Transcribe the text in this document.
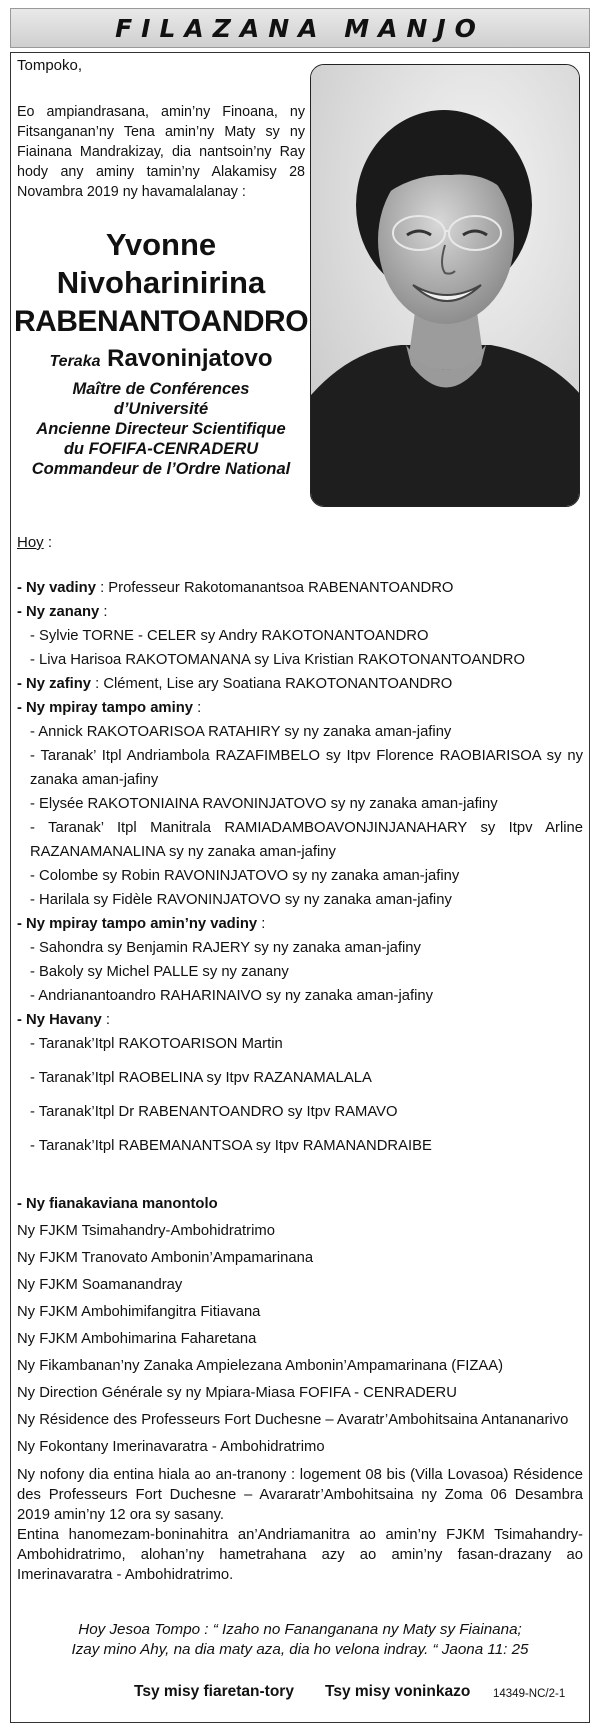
FILAZANA MANJO
Tompoko,
Eo ampiandrasana, amin’ny Finoana, ny Fitsanganan’ny Tena amin’ny Maty sy ny Fiainana Mandrakizay, dia nantsoin’ny Ray hody any aminy tamin’ny Alakamisy 28 Novambra 2019 ny havamalalanay :
Yvonne
Nivoharinirina
RABENANTOANDRO
Teraka Ravoninjatovo
Maître de Conférences
d’Université
Ancienne Directeur Scientifique
du FOFIFA-CENRADERU
Commandeur de l’Ordre National
Hoy :
- Ny vadiny : Professeur Rakotomanantsoa RABENANTOANDRO
- Ny zanany :
- Sylvie TORNE - CELER sy Andry RAKOTONANTOANDRO
- Liva Harisoa RAKOTOMANANA sy Liva Kristian RAKOTONANTOANDRO
- Ny zafiny : Clément, Lise ary Soatiana RAKOTONANTOANDRO
- Ny mpiray tampo aminy :
- Annick RAKOTOARISOA RATAHIRY sy ny zanaka aman-jafiny
- Taranak’ Itpl Andriambola RAZAFIMBELO sy Itpv Florence RAOBIARISOA sy ny zanaka aman-jafiny
- Elysée RAKOTONIAINA RAVONINJATOVO sy ny zanaka aman-jafiny
- Taranak’ Itpl Manitrala RAMIADAMBOAVONJINJANAHARY sy Itpv Arline RAZANAMANALINA sy ny zanaka aman-jafiny
- Colombe sy Robin RAVONINJATOVO sy ny zanaka aman-jafiny
- Harilala sy Fidèle RAVONINJATOVO sy ny zanaka aman-jafiny
- Ny mpiray tampo amin’ny vadiny :
- Sahondra sy Benjamin RAJERY sy ny zanaka aman-jafiny
- Bakoly sy Michel PALLE sy ny zanany
- Andrianantoandro RAHARINAIVO sy ny zanaka aman-jafiny
- Ny Havany :
- Taranak’Itpl RAKOTOARISON Martin
- Taranak’Itpl RAOBELINA sy Itpv RAZANAMALALA
- Taranak’Itpl Dr RABENANTOANDRO sy Itpv RAMAVO
- Taranak’Itpl RABEMANANTSOA sy Itpv RAMANANDRAIBE
- Ny fianakaviana manontolo
Ny FJKM Tsimahandry-Ambohidratrimo
Ny FJKM Tranovato Ambonin’Ampamarinana
Ny FJKM Soamanandray
Ny FJKM Ambohimifangitra Fitiavana
Ny FJKM Ambohimarina Faharetana
Ny Fikambanan’ny Zanaka Ampielezana Ambonin’Ampamarinana (FIZAA)
Ny Direction Générale sy ny Mpiara-Miasa FOFIFA - CENRADERU
Ny Résidence des Professeurs Fort Duchesne – Avaratr’Ambohitsaina Antananarivo
Ny Fokontany Imerinavaratra - Ambohidratrimo
Ny nofony dia entina hiala ao an-tranony : logement 08 bis (Villa Lovasoa) Résidence des Professeurs Fort Duchesne – Avararatr’Ambohitsaina ny Zoma 06 Desambra 2019 amin’ny 12 ora sy sasany.
Entina hanomezam-boninahitra an’Andriamanitra ao amin’ny FJKM Tsimahandry-Ambohidratrimo, alohan’ny hametrahana azy ao amin’ny fasan-drazany ao Imerinavaratra - Ambohidratrimo.
Hoy Jesoa Tompo : “ Izaho no Fananganana ny Maty sy Fiainana;
Izay mino Ahy, na dia maty aza, dia ho velona indray. “ Jaona 11: 25
Tsy misy fiaretan-tory Tsy misy voninkazo 14349-NC/2-1
